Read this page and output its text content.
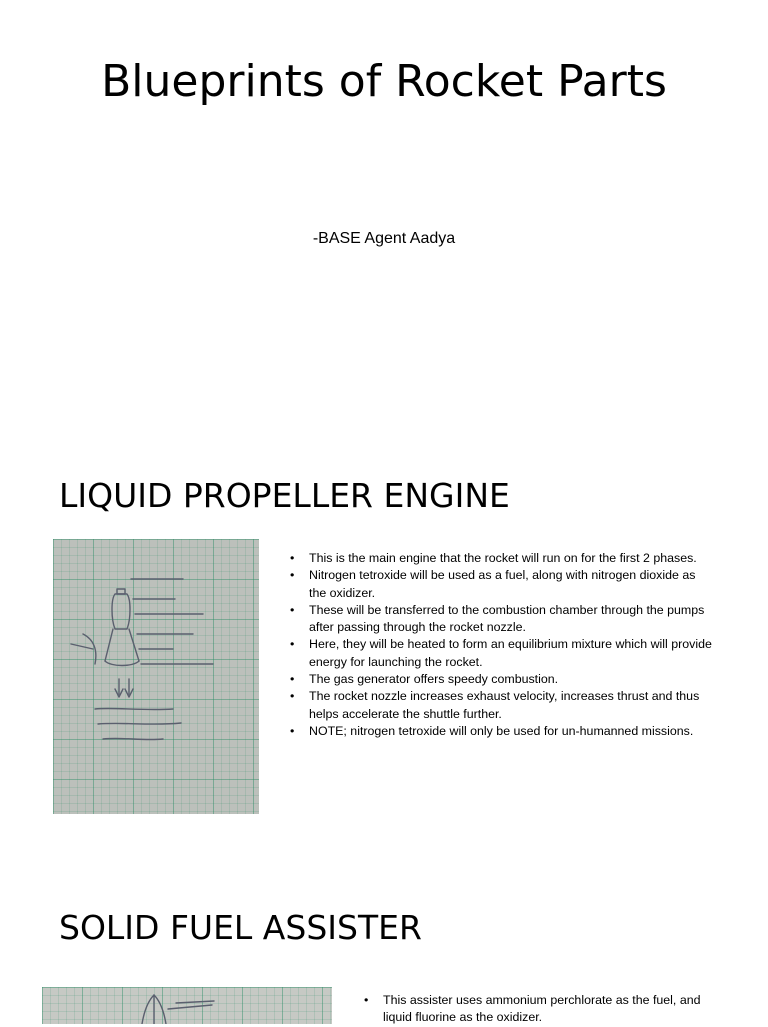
Blueprints of Rocket Parts

-BASE Agent Aadya

LIQUID PROPELLER ENGINE
• This is the main engine that the rocket will run on for the first 2 phases.
• Nitrogen tetroxide will be used as a fuel, along with nitrogen dioxide as the oxidizer.
• These will be transferred to the combustion chamber through the pumps after passing through the rocket nozzle.
• Here, they will be heated to form an equilibrium mixture which will provide energy for launching the rocket.
• The gas generator offers speedy combustion.
• The rocket nozzle increases exhaust velocity, increases thrust and thus helps accelerate the shuttle further.
• NOTE; nitrogen tetroxide will only be used for un-humanned missions.
SOLID FUEL ASSISTER
• This assister uses ammonium perchlorate as the fuel, and liquid fluorine as the oxidizer.
